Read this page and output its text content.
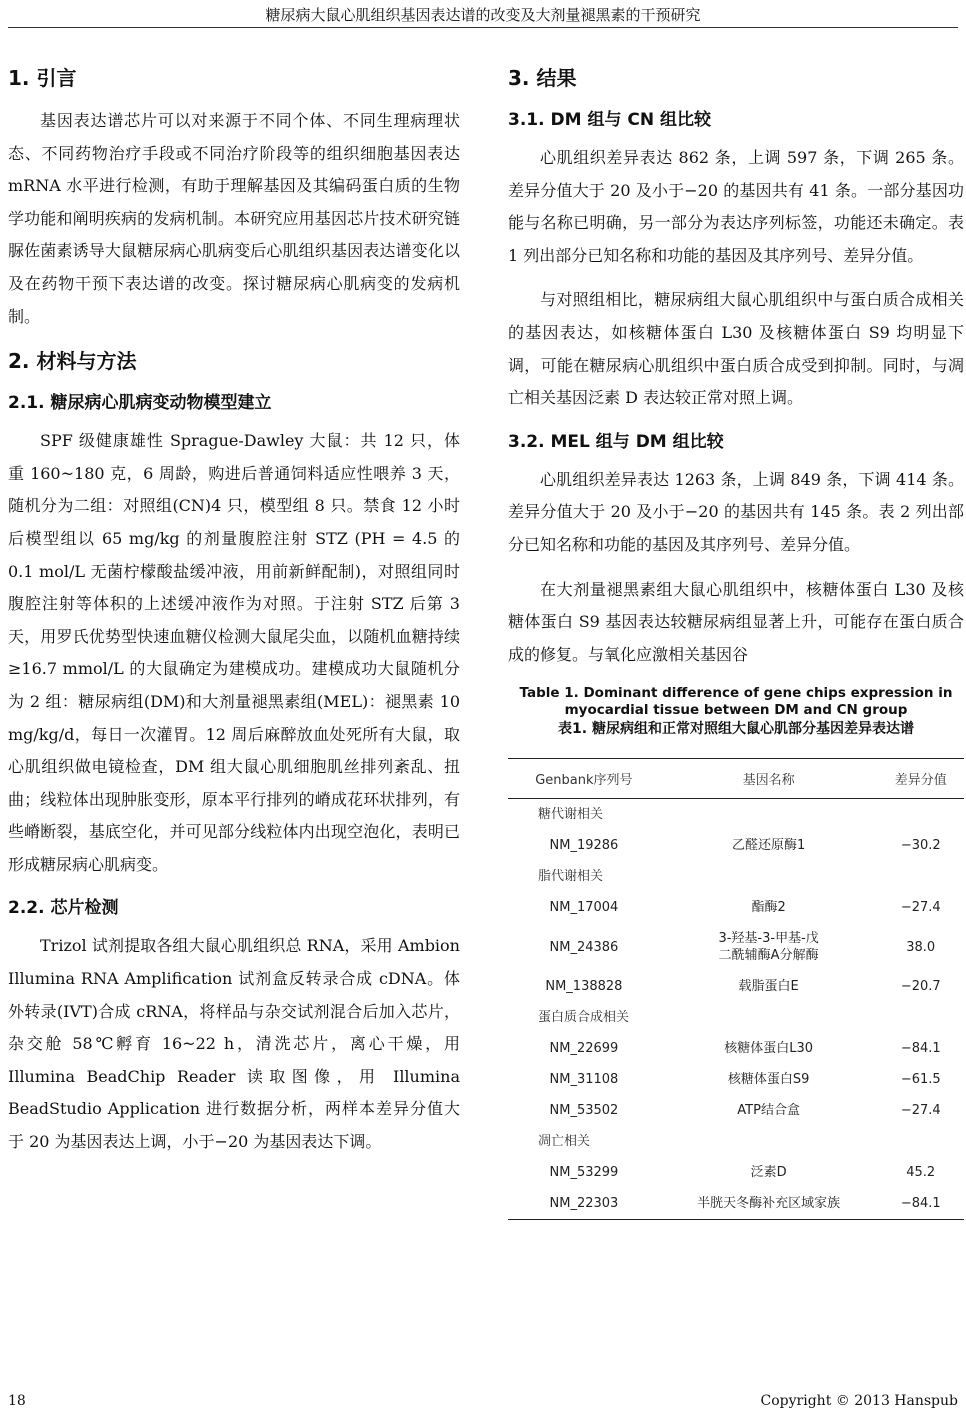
糖尿病大鼠心肌组织基因表达谱的改变及大剂量褪黑素的干预研究
1. 引言

基因表达谱芯片可以对来源于不同个体、不同生理病理状态、不同药物治疗手段或不同治疗阶段等的组织细胞基因表达 mRNA 水平进行检测，有助于理解基因及其编码蛋白质的生物学功能和阐明疾病的发病机制。本研究应用基因芯片技术研究链脲佐菌素诱导大鼠糖尿病心肌病变后心肌组织基因表达谱变化以及在药物干预下表达谱的改变。探讨糖尿病心肌病变的发病机制。

2. 材料与方法
2.1. 糖尿病心肌病变动物模型建立

SPF 级健康雄性 Sprague-Dawley 大鼠：共 12 只，体重 160~180 克，6 周龄，购进后普通饲料适应性喂养 3 天，随机分为二组：对照组(CN)4 只，模型组 8 只。禁食 12 小时后模型组以 65 mg/kg 的剂量腹腔注射 STZ (PH = 4.5 的 0.1 mol/L 无菌柠檬酸盐缓冲液，用前新鲜配制)，对照组同时腹腔注射等体积的上述缓冲液作为对照。于注射 STZ 后第 3 天，用罗氏优势型快速血糖仪检测大鼠尾尖血，以随机血糖持续≥16.7 mmol/L 的大鼠确定为建模成功。建模成功大鼠随机分为 2 组：糖尿病组(DM)和大剂量褪黑素组(MEL)：褪黑素 10 mg/kg/d，每日一次灌胃。12 周后麻醉放血处死所有大鼠，取心肌组织做电镜检查，DM 组大鼠心肌细胞肌丝排列紊乱、扭曲；线粒体出现肿胀变形，原本平行排列的嵴成花环状排列，有些嵴断裂，基底空化，并可见部分线粒体内出现空泡化，表明已形成糖尿病心肌病变。

2.2. 芯片检测

Trizol 试剂提取各组大鼠心肌组织总 RNA，采用 Ambion Illumina RNA Amplification 试剂盒反转录合成 cDNA。体外转录(IVT)合成 cRNA，将样品与杂交试剂混合后加入芯片，杂交舱 58℃孵育 16~22 h，清洗芯片，离心干燥，用 Illumina BeadChip Reader 读取图像，用 Illumina BeadStudio Application 进行数据分析，两样本差异分值大于 20 为基因表达上调，小于−20 为基因表达下调。

3. 结果
3.1. DM 组与 CN 组比较

心肌组织差异表达 862 条，上调 597 条，下调 265 条。差异分值大于 20 及小于−20 的基因共有 41 条。一部分基因功能与名称已明确，另一部分为表达序列标签，功能还未确定。表 1 列出部分已知名称和功能的基因及其序列号、差异分值。

与对照组相比，糖尿病组大鼠心肌组织中与蛋白质合成相关的基因表达，如核糖体蛋白 L30 及核糖体蛋白 S9 均明显下调，可能在糖尿病心肌组织中蛋白质合成受到抑制。同时，与凋亡相关基因泛素 D 表达较正常对照上调。

3.2. MEL 组与 DM 组比较

心肌组织差异表达 1263 条，上调 849 条，下调 414 条。差异分值大于 20 及小于−20 的基因共有 145 条。表 2 列出部分已知名称和功能的基因及其序列号、差异分值。

在大剂量褪黑素组大鼠心肌组织中，核糖体蛋白 L30 及核糖体蛋白 S9 基因表达较糖尿病组显著上升，可能存在蛋白质合成的修复。与氧化应激相关基因谷

Table 1. Dominant difference of gene chips expression in myocardial tissue between DM and CN group
表1. 糖尿病组和正常对照组大鼠心肌部分基因差异表达谱
Genbank序列号	基因名称	差异分值
糖代谢相关		
NM_19286	乙醛还原酶1	−30.2
脂代谢相关		
NM_17004	酯酶2	−27.4
NM_24386	3-羟基-3-甲基-戊
二酰辅酶A分解酶	38.0
NM_138828	载脂蛋白E	−20.7
蛋白质合成相关		
NM_22699	核糖体蛋白L30	−84.1
NM_31108	核糖体蛋白S9	−61.5
NM_53502	ATP结合盒	−27.4
凋亡相关		
NM_53299	泛素D	45.2
NM_22303	半胱天冬酶补充区域家族	−84.1
18	Copyright © 2013 Hanspub
